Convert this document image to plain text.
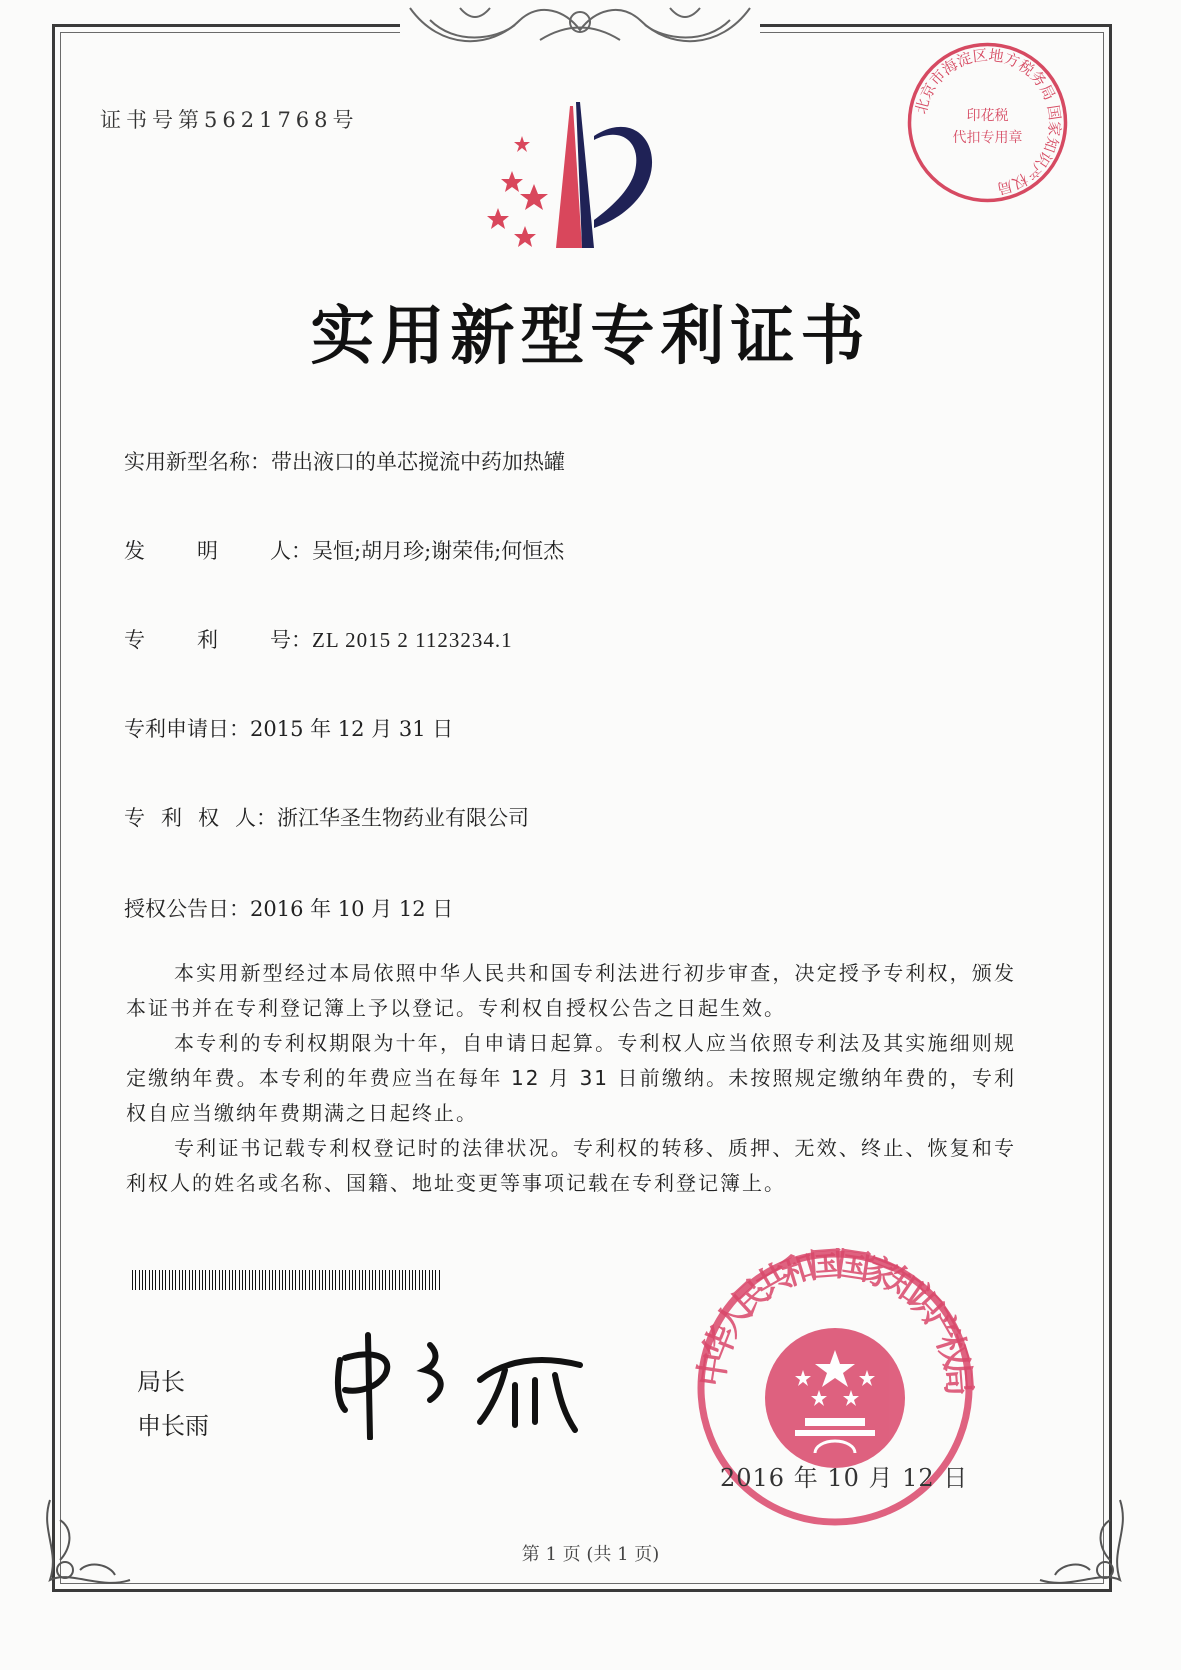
证书号第5621768号
北京市海淀区地方税务局 国家知识产权局
印花税
代扣专用章
实用新型专利证书
实用新型名称：带出液口的单芯搅流中药加热罐
发 明 人：吴恒;胡月珍;谢荣伟;何恒杰
专 利 号：ZL 2015 2 1123234.1
专利申请日：2015 年 12 月 31 日
专 利 权 人：浙江华圣生物药业有限公司
授权公告日：2016 年 10 月 12 日

本实用新型经过本局依照中华人民共和国专利法进行初步审查，决定授予专利权，颁发本证书并在专利登记簿上予以登记。专利权自授权公告之日起生效。

本专利的专利权期限为十年，自申请日起算。专利权人应当依照专利法及其实施细则规定缴纳年费。本专利的年费应当在每年 12 月 31 日前缴纳。未按照规定缴纳年费的，专利权自应当缴纳年费期满之日起终止。

专利证书记载专利权登记时的法律状况。专利权的转移、质押、无效、终止、恢复和专利权人的姓名或名称、国籍、地址变更等事项记载在专利登记簿上。

局长
申长雨
中华人民共和国国家知识产权局
2016 年 10 月 12 日
第 1 页 (共 1 页)
